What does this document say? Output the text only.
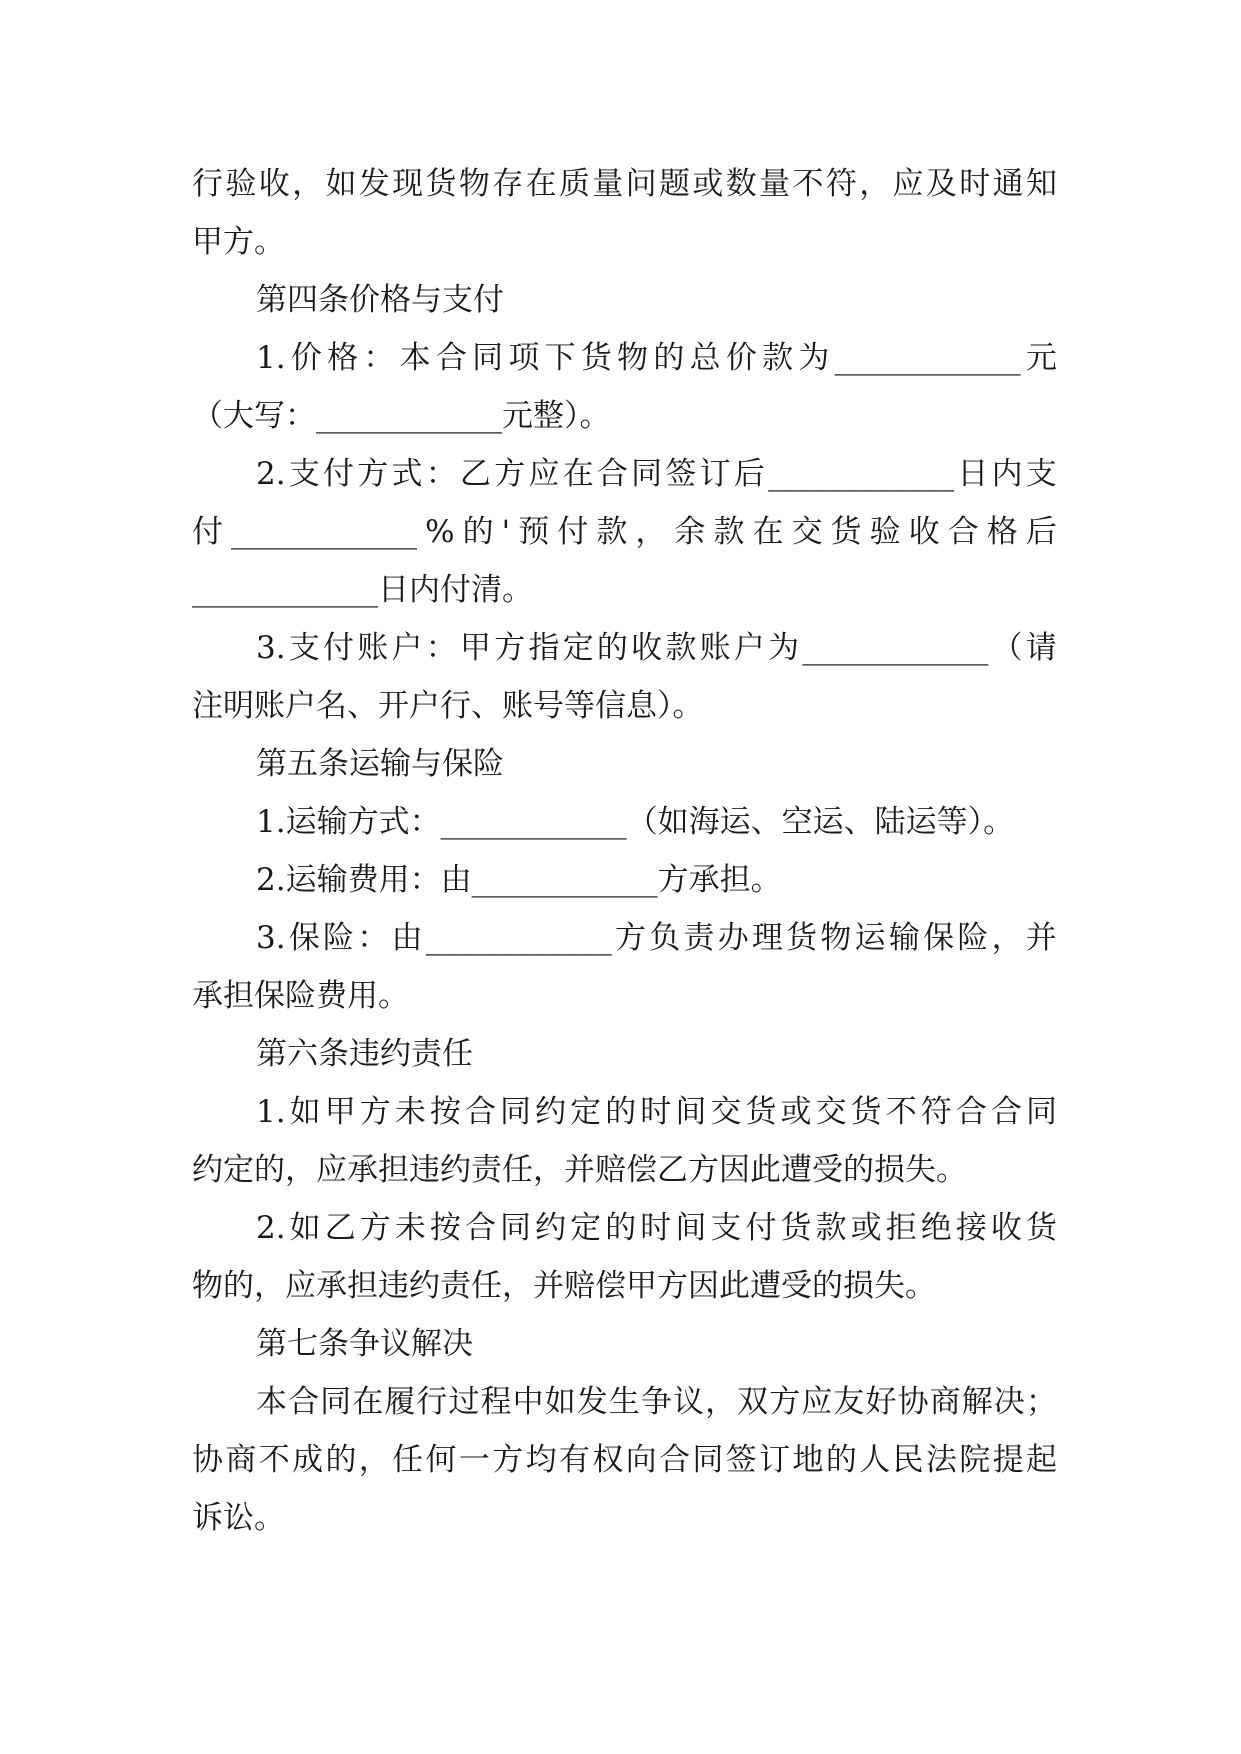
行 验 收 ， 如 发 现 货 物 存 在 质 量 问 题 或 数 量 不 符 ， 应 及 时 通 知
甲方。
第四条价格与支付
1. 价 格 ： 本 合 同 项 下 货 物 的 总 价 款 为 ____________ 元
（大写：____________元整）。
2. 支 付 方 式 ： 乙 方 应 在 合 同 签 订 后 ____________ 日 内 支
付 ____________ % 的 ' 预 付 款 ， 余 款 在 交 货 验 收 合 格 后
____________日内付清。
3. 支 付 账 户 ： 甲 方 指 定 的 收 款 账 户 为 ____________ （ 请
注明账户名、开户行、账号等信息）。
第五条运输与保险
1.运输方式：____________（如海运、空运、陆运等）。
2.运输费用：由____________方承担。
3. 保 险 ： 由 ____________ 方 负 责 办 理 货 物 运 输 保 险 ， 并
承担保险费用。
第六条违约责任
1. 如 甲 方 未 按 合 同 约 定 的 时 间 交 货 或 交 货 不 符 合 合 同
约定的，应承担违约责任，并赔偿乙方因此遭受的损失。
2. 如 乙 方 未 按 合 同 约 定 的 时 间 支 付 货 款 或 拒 绝 接 收 货
物的，应承担违约责任，并赔偿甲方因此遭受的损失。
第七条争议解决
本 合 同 在 履 行 过 程 中 如 发 生 争 议 ， 双 方 应 友 好 协 商 解 决 ；
协 商 不 成 的 ， 任 何 一 方 均 有 权 向 合 同 签 订 地 的 人 民 法 院 提 起
诉讼。
